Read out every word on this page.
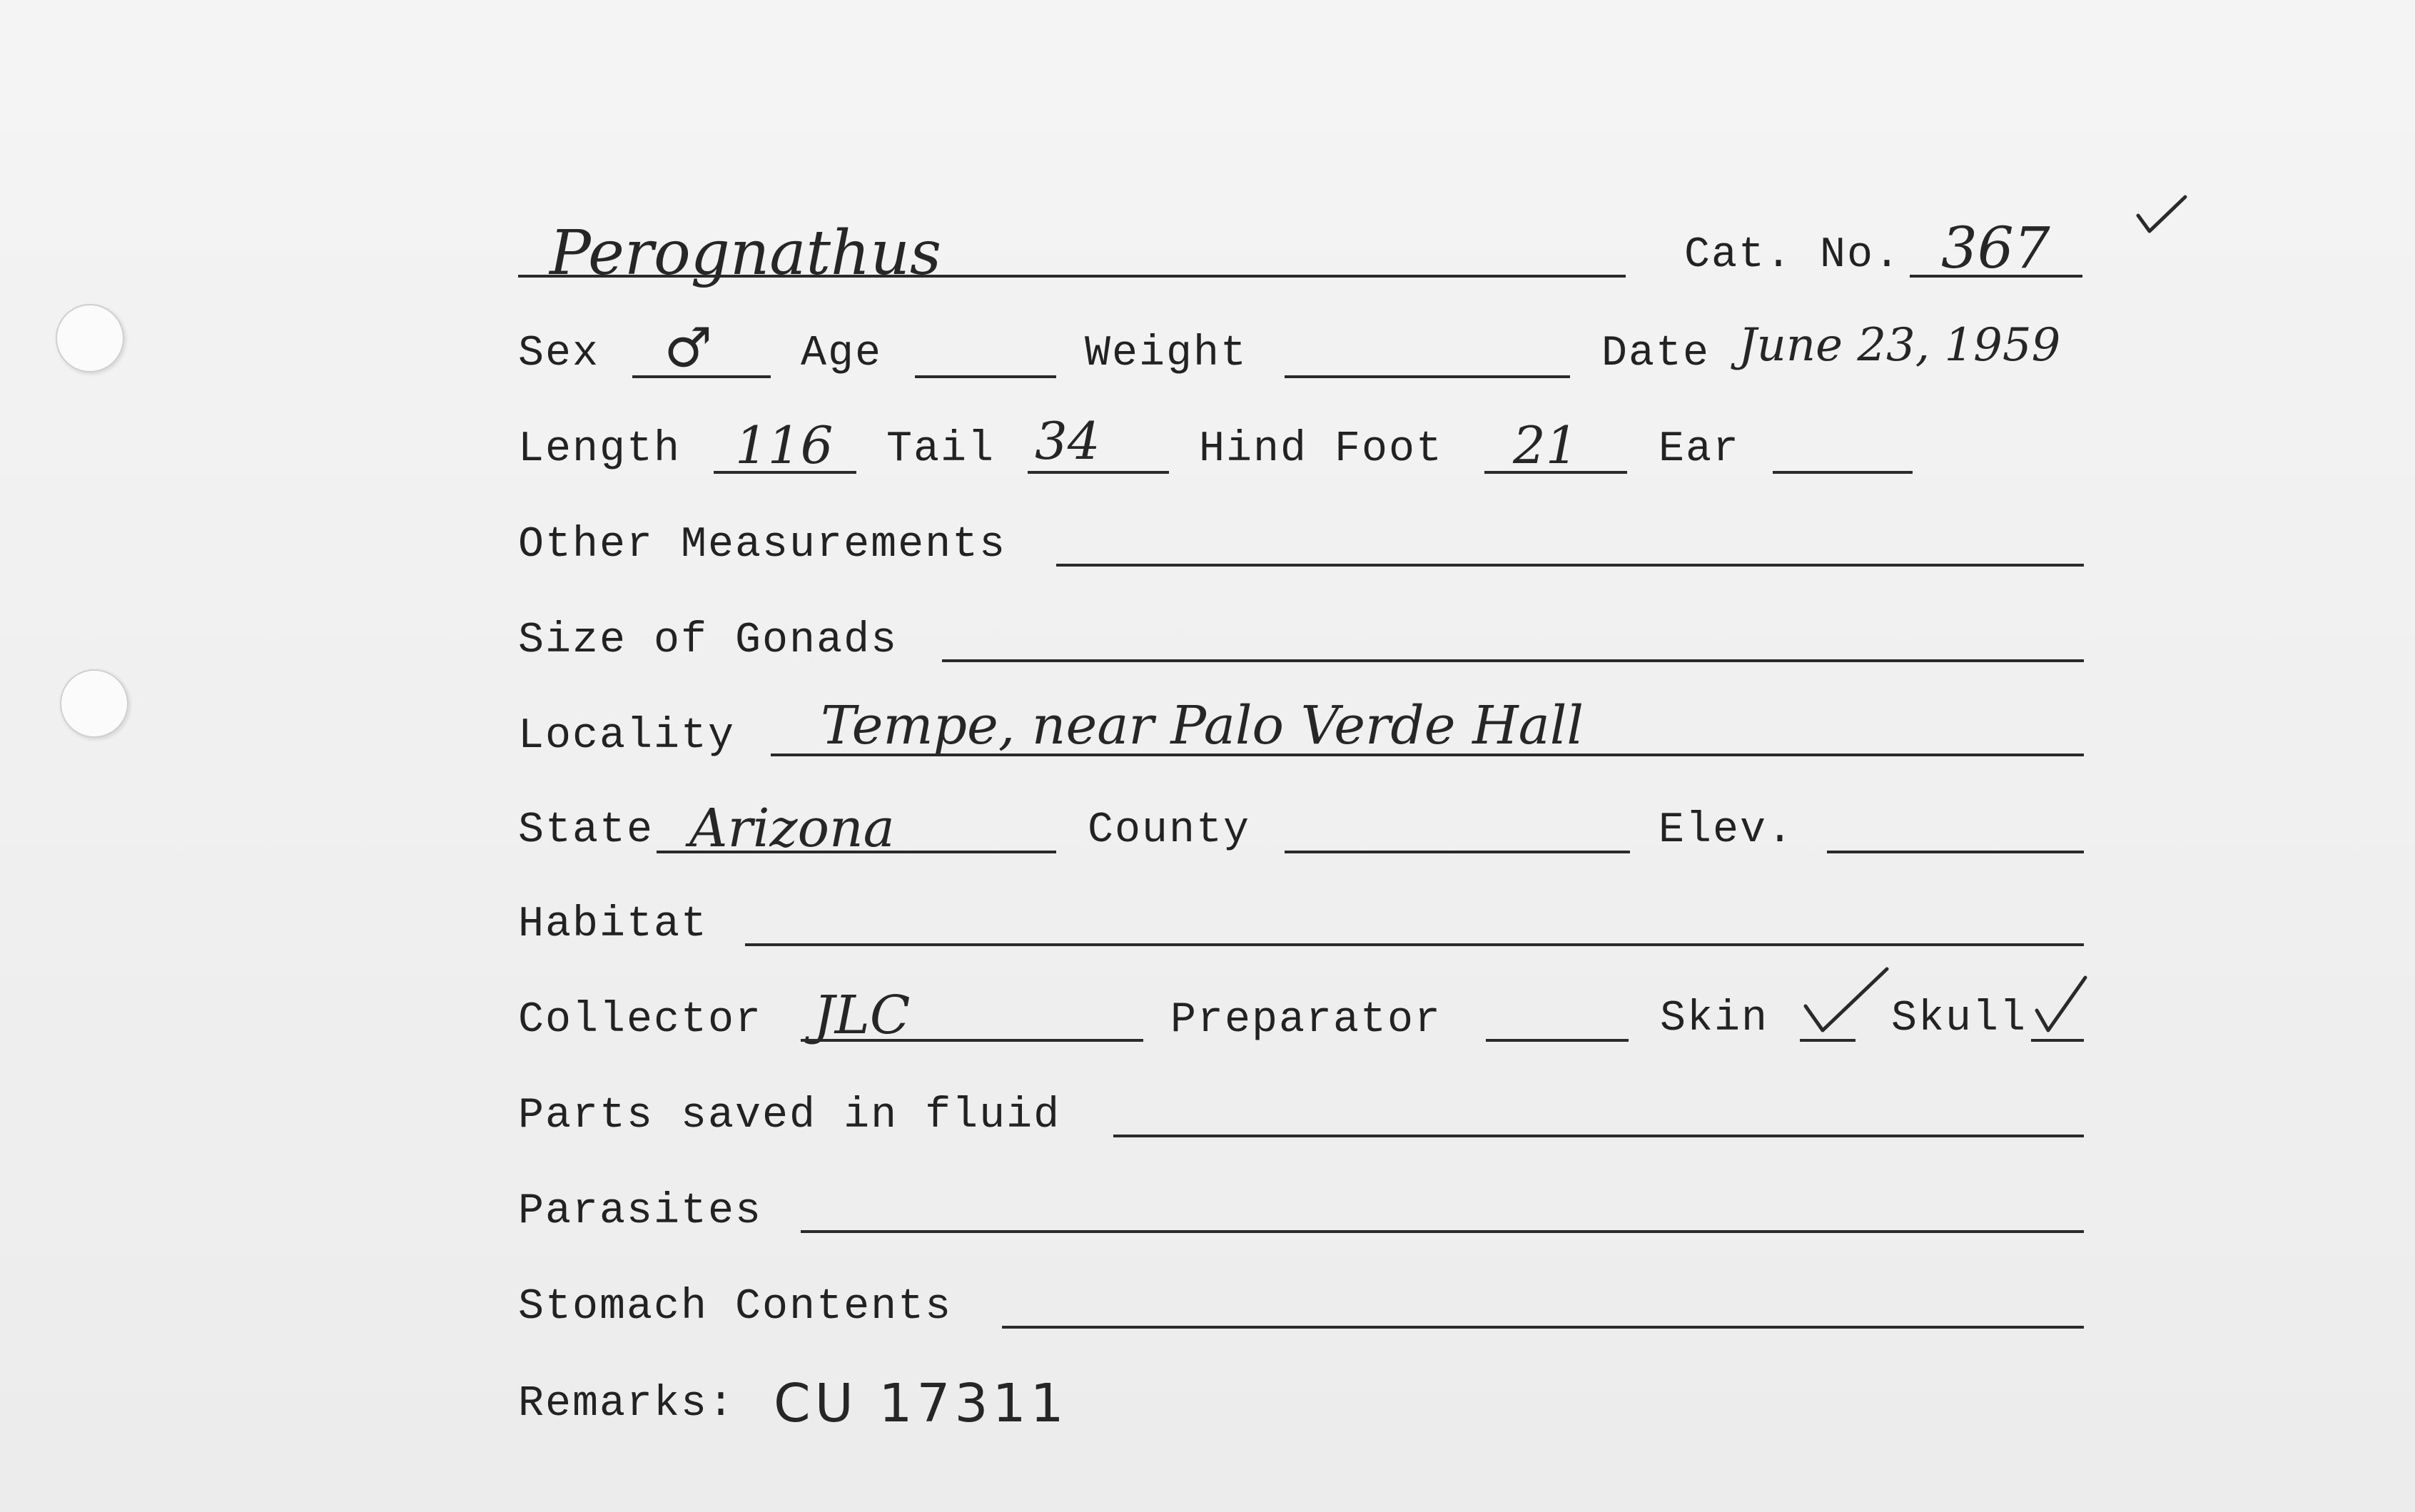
Perognathus	Cat. No. 367
Sex ♂ Age	Weight	Date June 23, 1959
Length 116 Tail 34 Hind Foot 21 Ear
Other Measurements
Size of Gonads
Locality Tempe, near Palo Verde Hall
State Arizona	County	Elev.
Habitat
Collector JLC	Preparator	Skin	Skull
Parts saved in fluid
Parasites
Stomach Contents
Remarks: CU 17311
